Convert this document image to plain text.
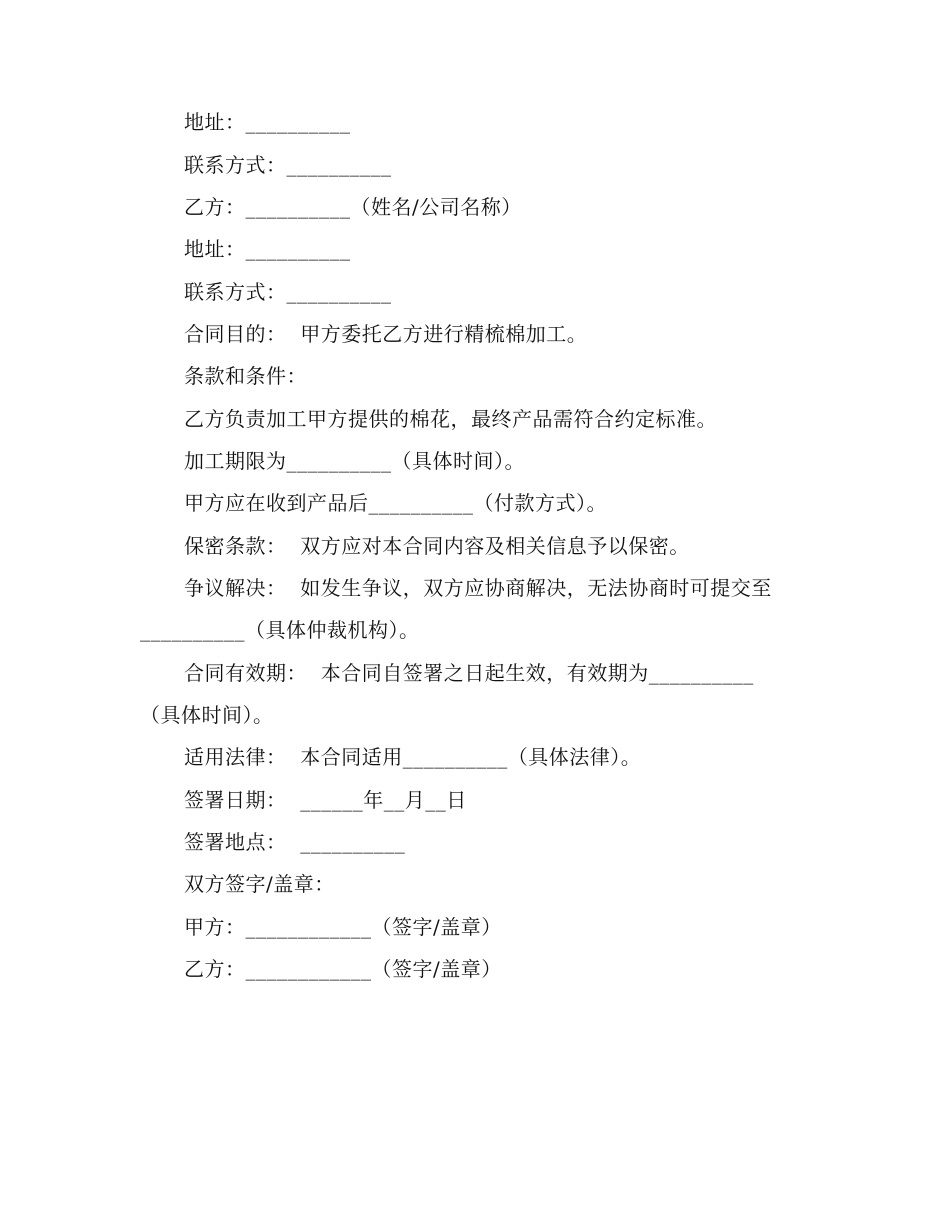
地址：__________
联系方式：__________
乙方：__________（姓名/公司名称）
地址：__________
联系方式：__________
合同目的：  甲方委托乙方进行精梳棉加工。
条款和条件：
乙方负责加工甲方提供的棉花，最终产品需符合约定标准。
加工期限为__________（具体时间）。
甲方应在收到产品后__________（付款方式）。
保密条款：  双方应对本合同内容及相关信息予以保密。
争议解决：  如发生争议，双方应协商解决，无法协商时可提交至
__________（具体仲裁机构）。
合同有效期：  本合同自签署之日起生效，有效期为__________
（具体时间）。
适用法律：  本合同适用__________（具体法律）。
签署日期：  ______年__月__日
签署地点：  __________
双方签字/盖章：
甲方：____________（签字/盖章）
乙方：____________（签字/盖章）
